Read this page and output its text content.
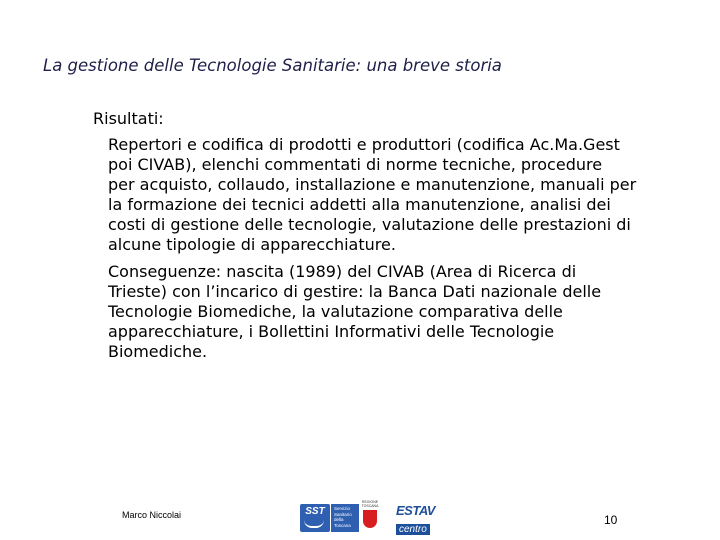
La gestione delle Tecnologie Sanitarie: una breve storia
Risultati:
Repertori e codifica di prodotti e produttori (codifica Ac.Ma.Gest
poi CIVAB), elenchi commentati di norme tecniche, procedure
per acquisto, collaudo, installazione e manutenzione, manuali per
la formazione dei tecnici addetti alla manutenzione, analisi dei
costi di gestione delle tecnologie, valutazione delle prestazioni di
alcune tipologie di apparecchiature.
Conseguenze: nascita (1989) del CIVAB (Area di Ricerca di
Trieste) con l’incarico di gestire: la Banca Dati nazionale delle
Tecnologie Biomediche, la valutazione comparativa delle
apparecchiature, i Bollettini Informativi delle Tecnologie
Biomediche.
Marco Niccolai	SST	Servizio
Sanitario
della
Toscana
REGIONE
TOSCANA ESTAV
centro
10
